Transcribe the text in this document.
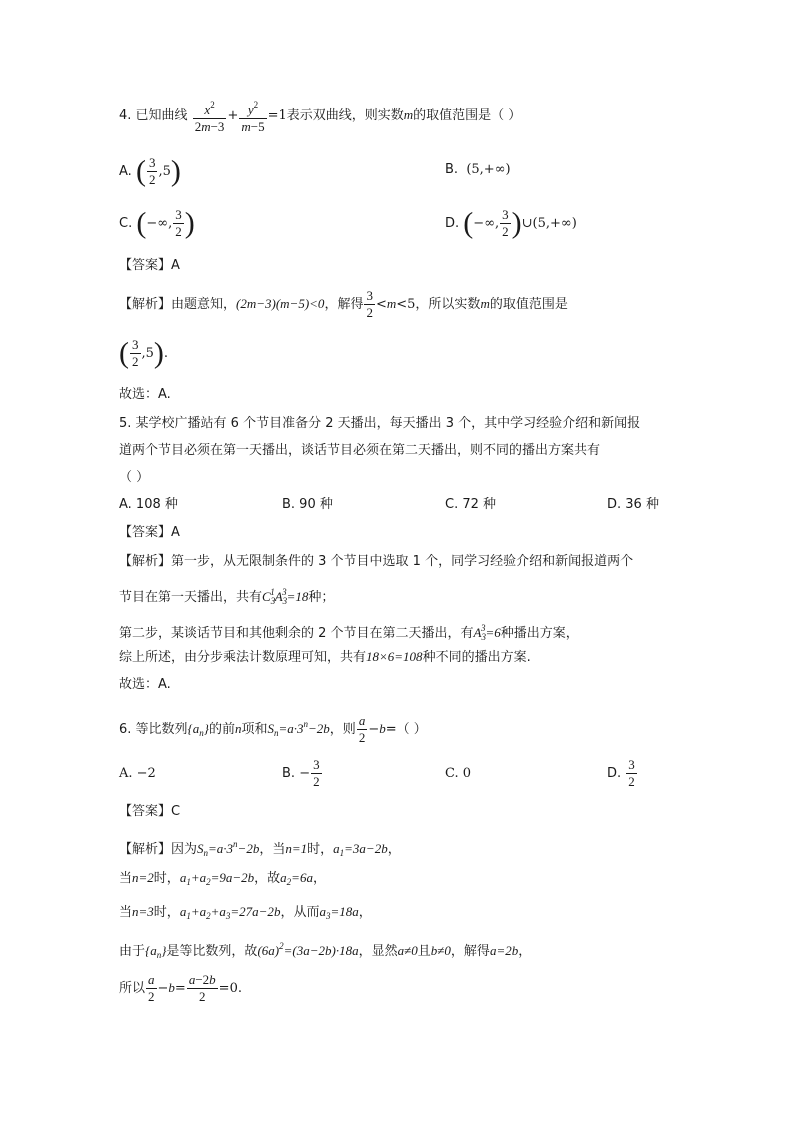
4. 已知曲线 $\frac{x^2}{2m-3} + \frac{y^2}{m-5} =1$表示双曲线，则实数m的取值范围是（ ）
A. ( $\frac{3}{2} ,5$)	B. (5,+∞)
C. (−∞, $\frac{3}{2}$ )	D. (−∞, $\frac{3}{2}$ )∪(5,+∞)
【答案】A
【解析】由题意知，(2m−3)(m−5)<0，解得 $\frac{3}{2} <m<5$，所以实数m的取值范围是
( $\frac{3}{2} ,5$).
故选：A.
5. 某学校广播站有 6 个节目准备分 2 天播出，每天播出 3 个，其中学习经验介绍和新闻报
道两个节目必须在第一天播出，谈话节目必须在第二天播出，则不同的播出方案共有
（ ）
A. 108 种	B. 90 种	C. 72 种	D. 36 种
【答案】A
【解析】第一步，从无限制条件的 3 个节目中选取 1 个，同学习经验介绍和新闻报道两个
节目在第一天播出，共有$C_3^1A_3^3=18$种；
第二步，某谈话节目和其他剩余的 2 个节目在第二天播出，有$A_3^3=6$种播出方案，
综上所述，由分步乘法计数原理可知，共有18×6=108种不同的播出方案.
故选：A.
6. 等比数列$\{a_n\}$的前n项和$S_n=a\cdot 3^n-2b$，则 $\frac{a}{2} -b=$（ ）
A. −2	B. − $\frac{3}{2}$	C. 0	D. $\frac{3}{2}$
【答案】C
【解析】因为$S_n=a\cdot 3^n-2b$，当n=1时，$a_1=3a-2b$，
当n=2时，$a_1+a_2=9a-2b$，故$a_2=6a$，
当n=3时，$a_1+a_2+a_3=27a-2b$，从而$a_3=18a$，
由于$\{a_n\}$是等比数列，故$(6a)^2=(3a-2b)\cdot 18a$，显然a≠0且b≠0，解得a=2b，
所以 $\frac{a}{2} -b= \frac{a-2b}{2} =0$.
